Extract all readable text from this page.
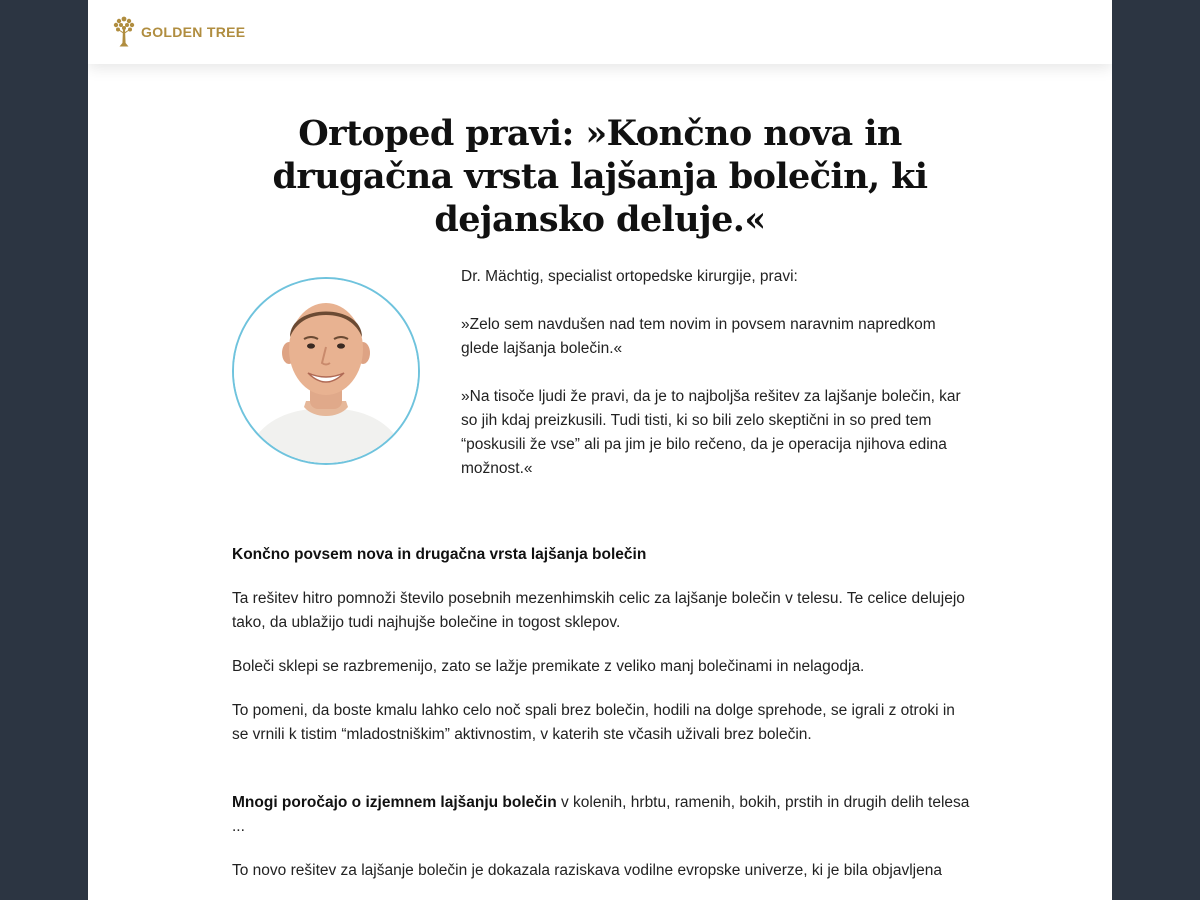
GOLDEN TREE
Ortoped pravi: »Končno nova in drugačna vrsta lajšanja bolečin, ki dejansko deluje.«

Dr. Mächtig, specialist ortopedske kirurgije, pravi:

»Zelo sem navdušen nad tem novim in povsem naravnim napredkom glede lajšanja bolečin.«

»Na tisoče ljudi že pravi, da je to najboljša rešitev za lajšanje bolečin, kar so jih kdaj preizkusili. Tudi tisti, ki so bili zelo skeptični in so pred tem “poskusili že vse” ali pa jim je bilo rečeno, da je operacija njihova edina možnost.«

Končno povsem nova in drugačna vrsta lajšanja bolečin

Ta rešitev hitro pomnoži število posebnih mezenhimskih celic za lajšanje bolečin v telesu. Te celice delujejo tako, da ublažijo tudi najhujše bolečine in togost sklepov.

Boleči sklepi se razbremenijo, zato se lažje premikate z veliko manj bolečinami in nelagodja.

To pomeni, da boste kmalu lahko celo noč spali brez bolečin, hodili na dolge sprehode, se igrali z otroki in se vrnili k tistim “mladostniškim” aktivnostim, v katerih ste včasih uživali brez bolečin.

Mnogi poročajo o izjemnem lajšanju bolečin v kolenih, hrbtu, ramenih, bokih, prstih in drugih delih telesa ...

To novo rešitev za lajšanje bolečin je dokazala raziskava vodilne evropske univerze, ki je bila objavljena
